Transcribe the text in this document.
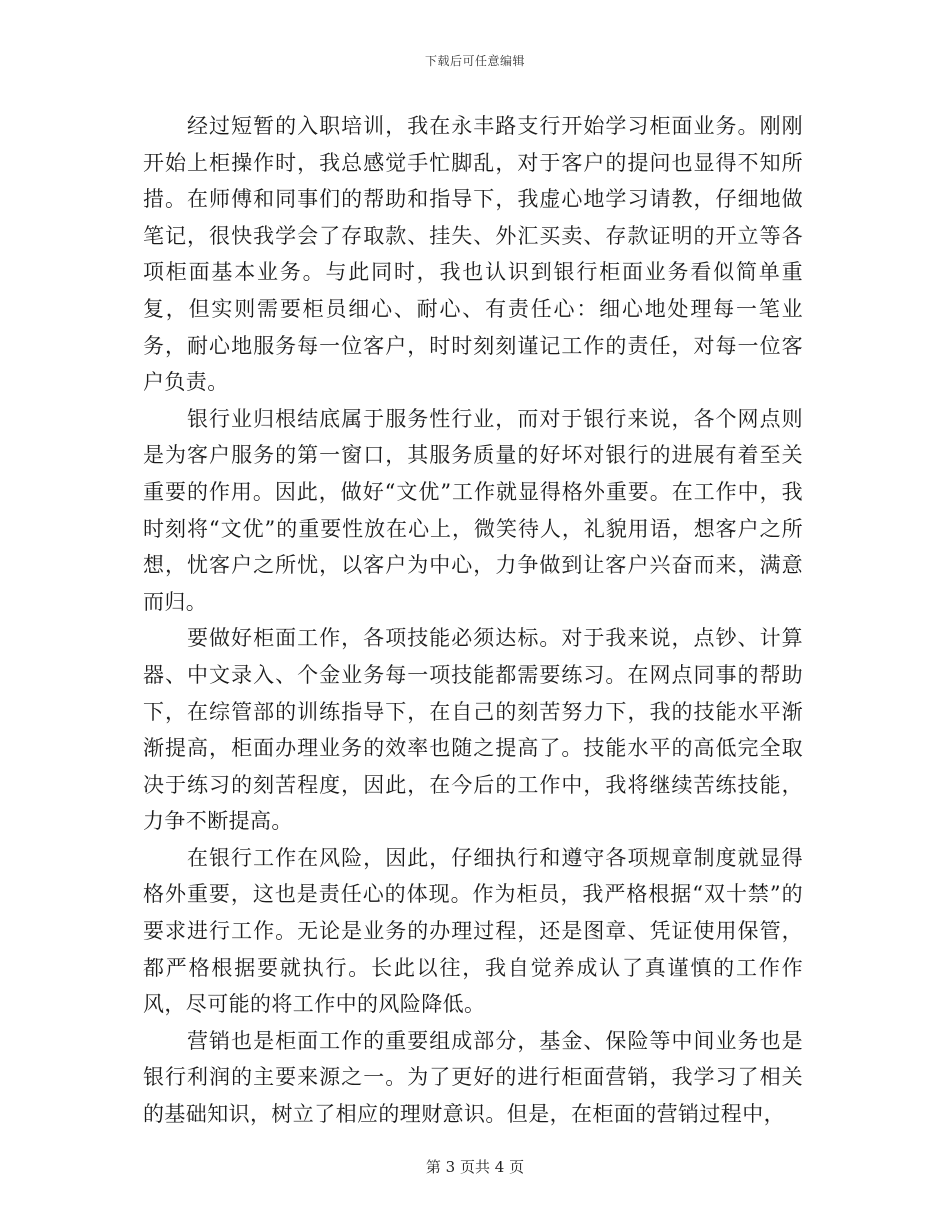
下载后可任意编辑

经过短暂的入职培训，我在永丰路支行开始学习柜面业务。刚刚开始上柜操作时，我总感觉手忙脚乱，对于客户的提问也显得不知所措。在师傅和同事们的帮助和指导下，我虚心地学习请教，仔细地做笔记，很快我学会了存取款、挂失、外汇买卖、存款证明的开立等各项柜面基本业务。与此同时，我也认识到银行柜面业务看似简单重复，但实则需要柜员细心、耐心、有责任心：细心地处理每一笔业务，耐心地服务每一位客户，时时刻刻谨记工作的责任，对每一位客户负责。

银行业归根结底属于服务性行业，而对于银行来说，各个网点则是为客户服务的第一窗口，其服务质量的好坏对银行的进展有着至关重要的作用。因此，做好“文优”工作就显得格外重要。在工作中，我时刻将“文优”的重要性放在心上，微笑待人，礼貌用语，想客户之所想，忧客户之所忧，以客户为中心，力争做到让客户兴奋而来，满意而归。

要做好柜面工作，各项技能必须达标。对于我来说，点钞、计算器、中文录入、个金业务每一项技能都需要练习。在网点同事的帮助下，在综管部的训练指导下，在自己的刻苦努力下，我的技能水平渐渐提高，柜面办理业务的效率也随之提高了。技能水平的高低完全取决于练习的刻苦程度，因此，在今后的工作中，我将继续苦练技能，力争不断提高。

在银行工作在风险，因此，仔细执行和遵守各项规章制度就显得格外重要，这也是责任心的体现。作为柜员，我严格根据“双十禁”的要求进行工作。无论是业务的办理过程，还是图章、凭证使用保管，都严格根据要就执行。长此以往，我自觉养成认了真谨慎的工作作风，尽可能的将工作中的风险降低。

营销也是柜面工作的重要组成部分，基金、保险等中间业务也是银行利润的主要来源之一。为了更好的进行柜面营销，我学习了相关的基础知识，树立了相应的理财意识。但是，在柜面的营销过程中，

第 3 页共 4 页
